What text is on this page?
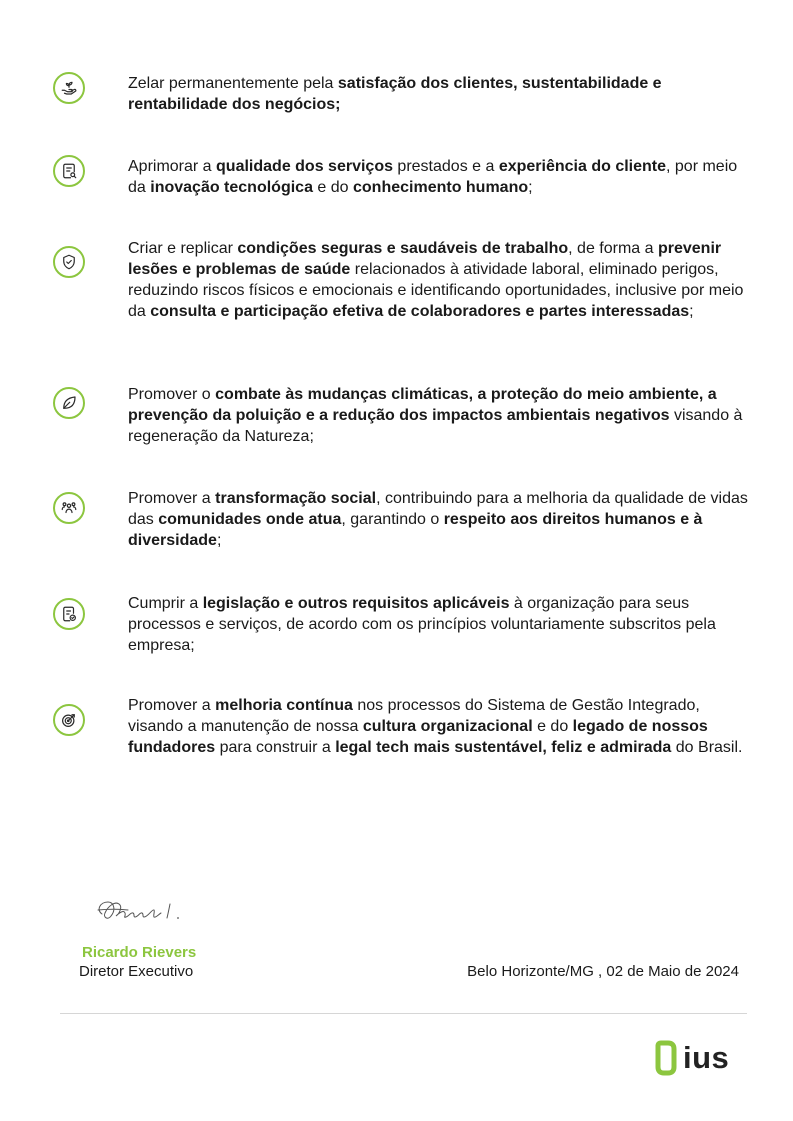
Zelar permanentemente pela satisfação dos clientes, sustentabilidade e rentabilidade dos negócios;

Aprimorar a qualidade dos serviços prestados e a experiência do cliente, por meio da inovação tecnológica e do conhecimento humano;

Criar e replicar condições seguras e saudáveis de trabalho, de forma a prevenir lesões e problemas de saúde relacionados à atividade laboral, eliminado perigos, reduzindo riscos físicos e emocionais e identificando oportunidades, inclusive por meio da consulta e participação efetiva de colaboradores e partes interessadas;

Promover o combate às mudanças climáticas, a proteção do meio ambiente, a prevenção da poluição e a redução dos impactos ambientais negativos visando à regeneração da Natureza;

Promover a transformação social, contribuindo para a melhoria da qualidade de vidas das comunidades onde atua, garantindo o respeito aos direitos humanos e à diversidade;

Cumprir a legislação e outros requisitos aplicáveis à organização para seus processos e serviços, de acordo com os princípios voluntariamente subscritos pela empresa;

Promover a melhoria contínua nos processos do Sistema de Gestão Integrado, visando a manutenção de nossa cultura organizacional e do legado de nossos fundadores para construir a legal tech mais sustentável, feliz e admirada do Brasil.

Ricardo Rievers
Diretor Executivo	Belo Horizonte/MG , 02 de Maio de 2024
ius
